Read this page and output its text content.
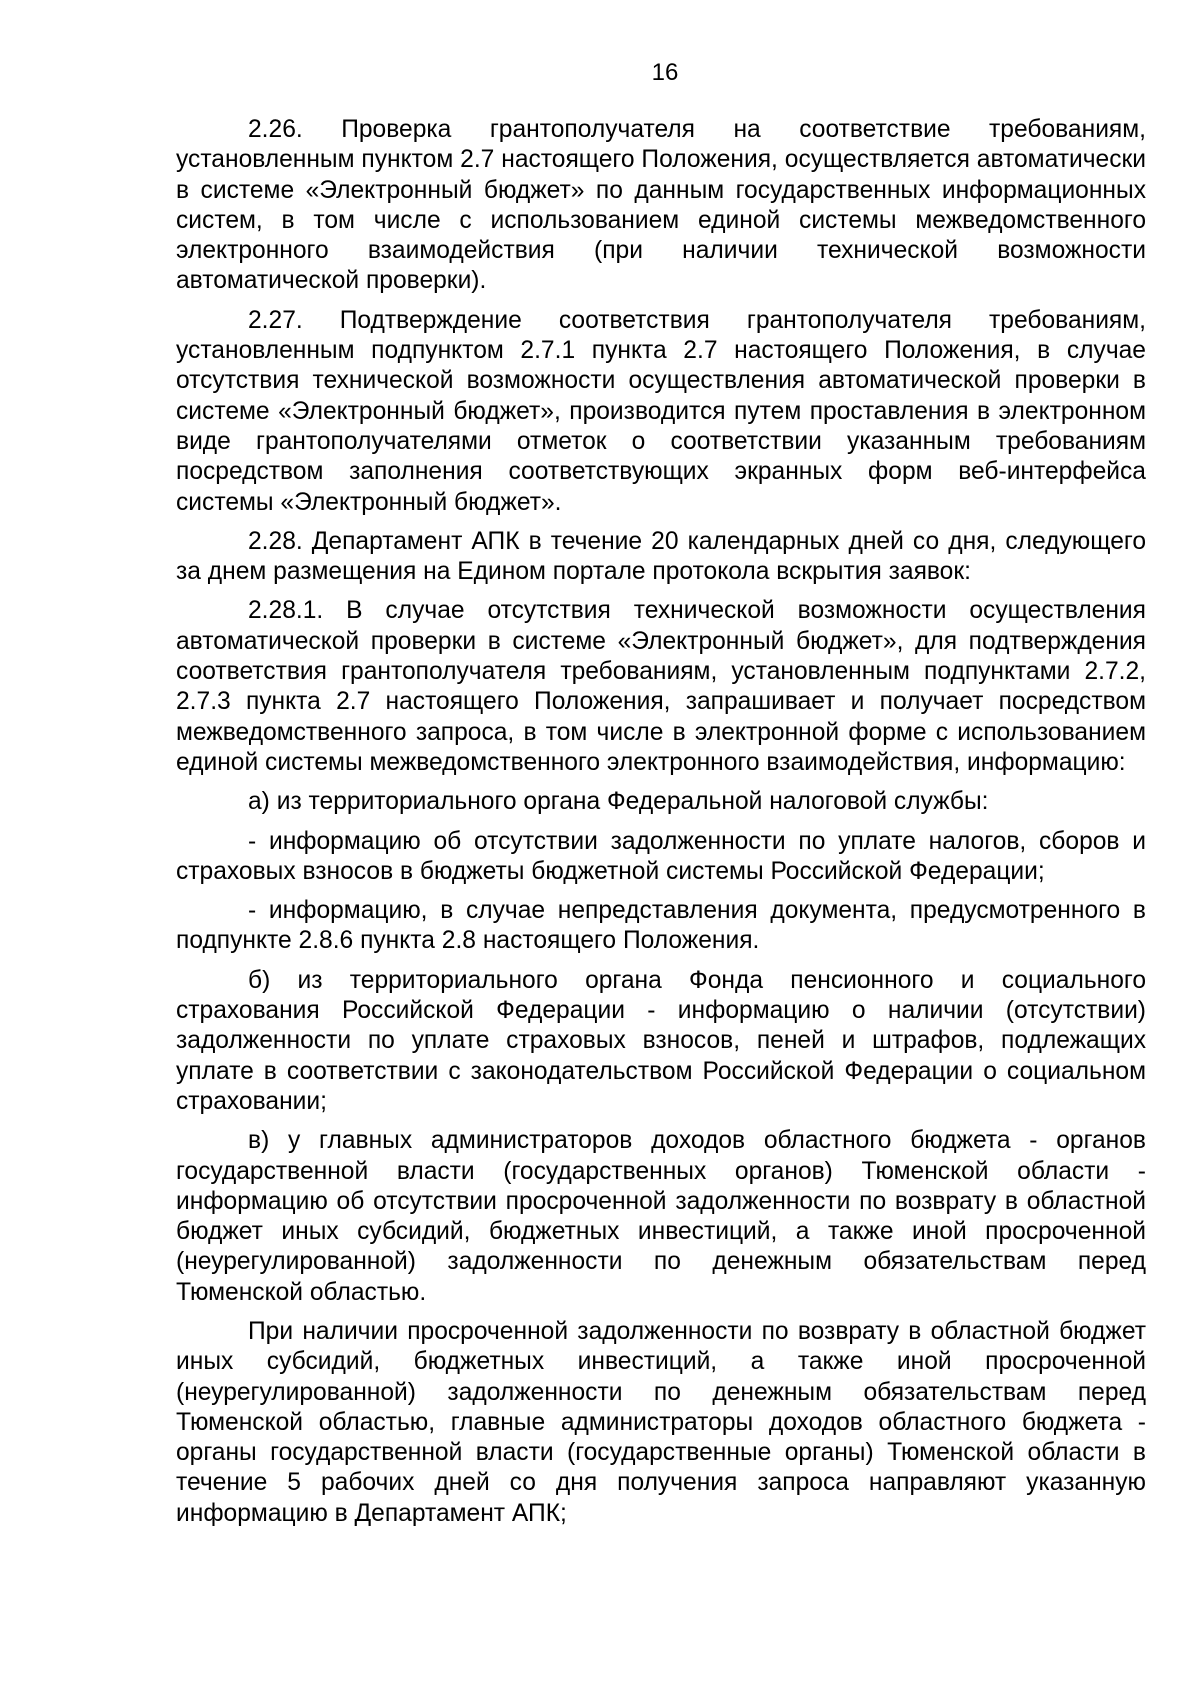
16

2.26. Проверка грантополучателя на соответствие требованиям, установленным пунктом 2.7 настоящего Положения, осуществляется автоматически в системе «Электронный бюджет» по данным государственных информационных систем, в том числе с использованием единой системы межведомственного электронного взаимодействия (при наличии технической возможности автоматической проверки).

2.27. Подтверждение соответствия грантополучателя требованиям, установленным подпунктом 2.7.1 пункта 2.7 настоящего Положения, в случае отсутствия технической возможности осуществления автоматической проверки в системе «Электронный бюджет», производится путем проставления в электронном виде грантополучателями отметок о соответствии указанным требованиям посредством заполнения соответствующих экранных форм веб-интерфейса системы «Электронный бюджет».

2.28. Департамент АПК в течение 20 календарных дней со дня, следующего за днем размещения на Едином портале протокола вскрытия заявок:

2.28.1. В случае отсутствия технической возможности осуществления автоматической проверки в системе «Электронный бюджет», для подтверждения соответствия грантополучателя требованиям, установленным подпунктами 2.7.2, 2.7.3 пункта 2.7 настоящего Положения, запрашивает и получает посредством межведомственного запроса, в том числе в электронной форме с использованием единой системы межведомственного электронного взаимодействия, информацию:

а) из территориального органа Федеральной налоговой службы:

- информацию об отсутствии задолженности по уплате налогов, сборов и страховых взносов в бюджеты бюджетной системы Российской Федерации;

- информацию, в случае непредставления документа, предусмотренного в подпункте 2.8.6 пункта 2.8 настоящего Положения.

б) из территориального органа Фонда пенсионного и социального страхования Российской Федерации - информацию о наличии (отсутствии) задолженности по уплате страховых взносов, пеней и штрафов, подлежащих уплате в соответствии с законодательством Российской Федерации о социальном страховании;

в) у главных администраторов доходов областного бюджета - органов государственной власти (государственных органов) Тюменской области - информацию об отсутствии просроченной задолженности по возврату в областной бюджет иных субсидий, бюджетных инвестиций, а также иной просроченной (неурегулированной) задолженности по денежным обязательствам перед Тюменской областью.

При наличии просроченной задолженности по возврату в областной бюджет иных субсидий, бюджетных инвестиций, а также иной просроченной (неурегулированной) задолженности по денежным обязательствам перед Тюменской областью, главные администраторы доходов областного бюджета - органы государственной власти (государственные органы) Тюменской области в течение 5 рабочих дней со дня получения запроса направляют указанную информацию в Департамент АПК;
